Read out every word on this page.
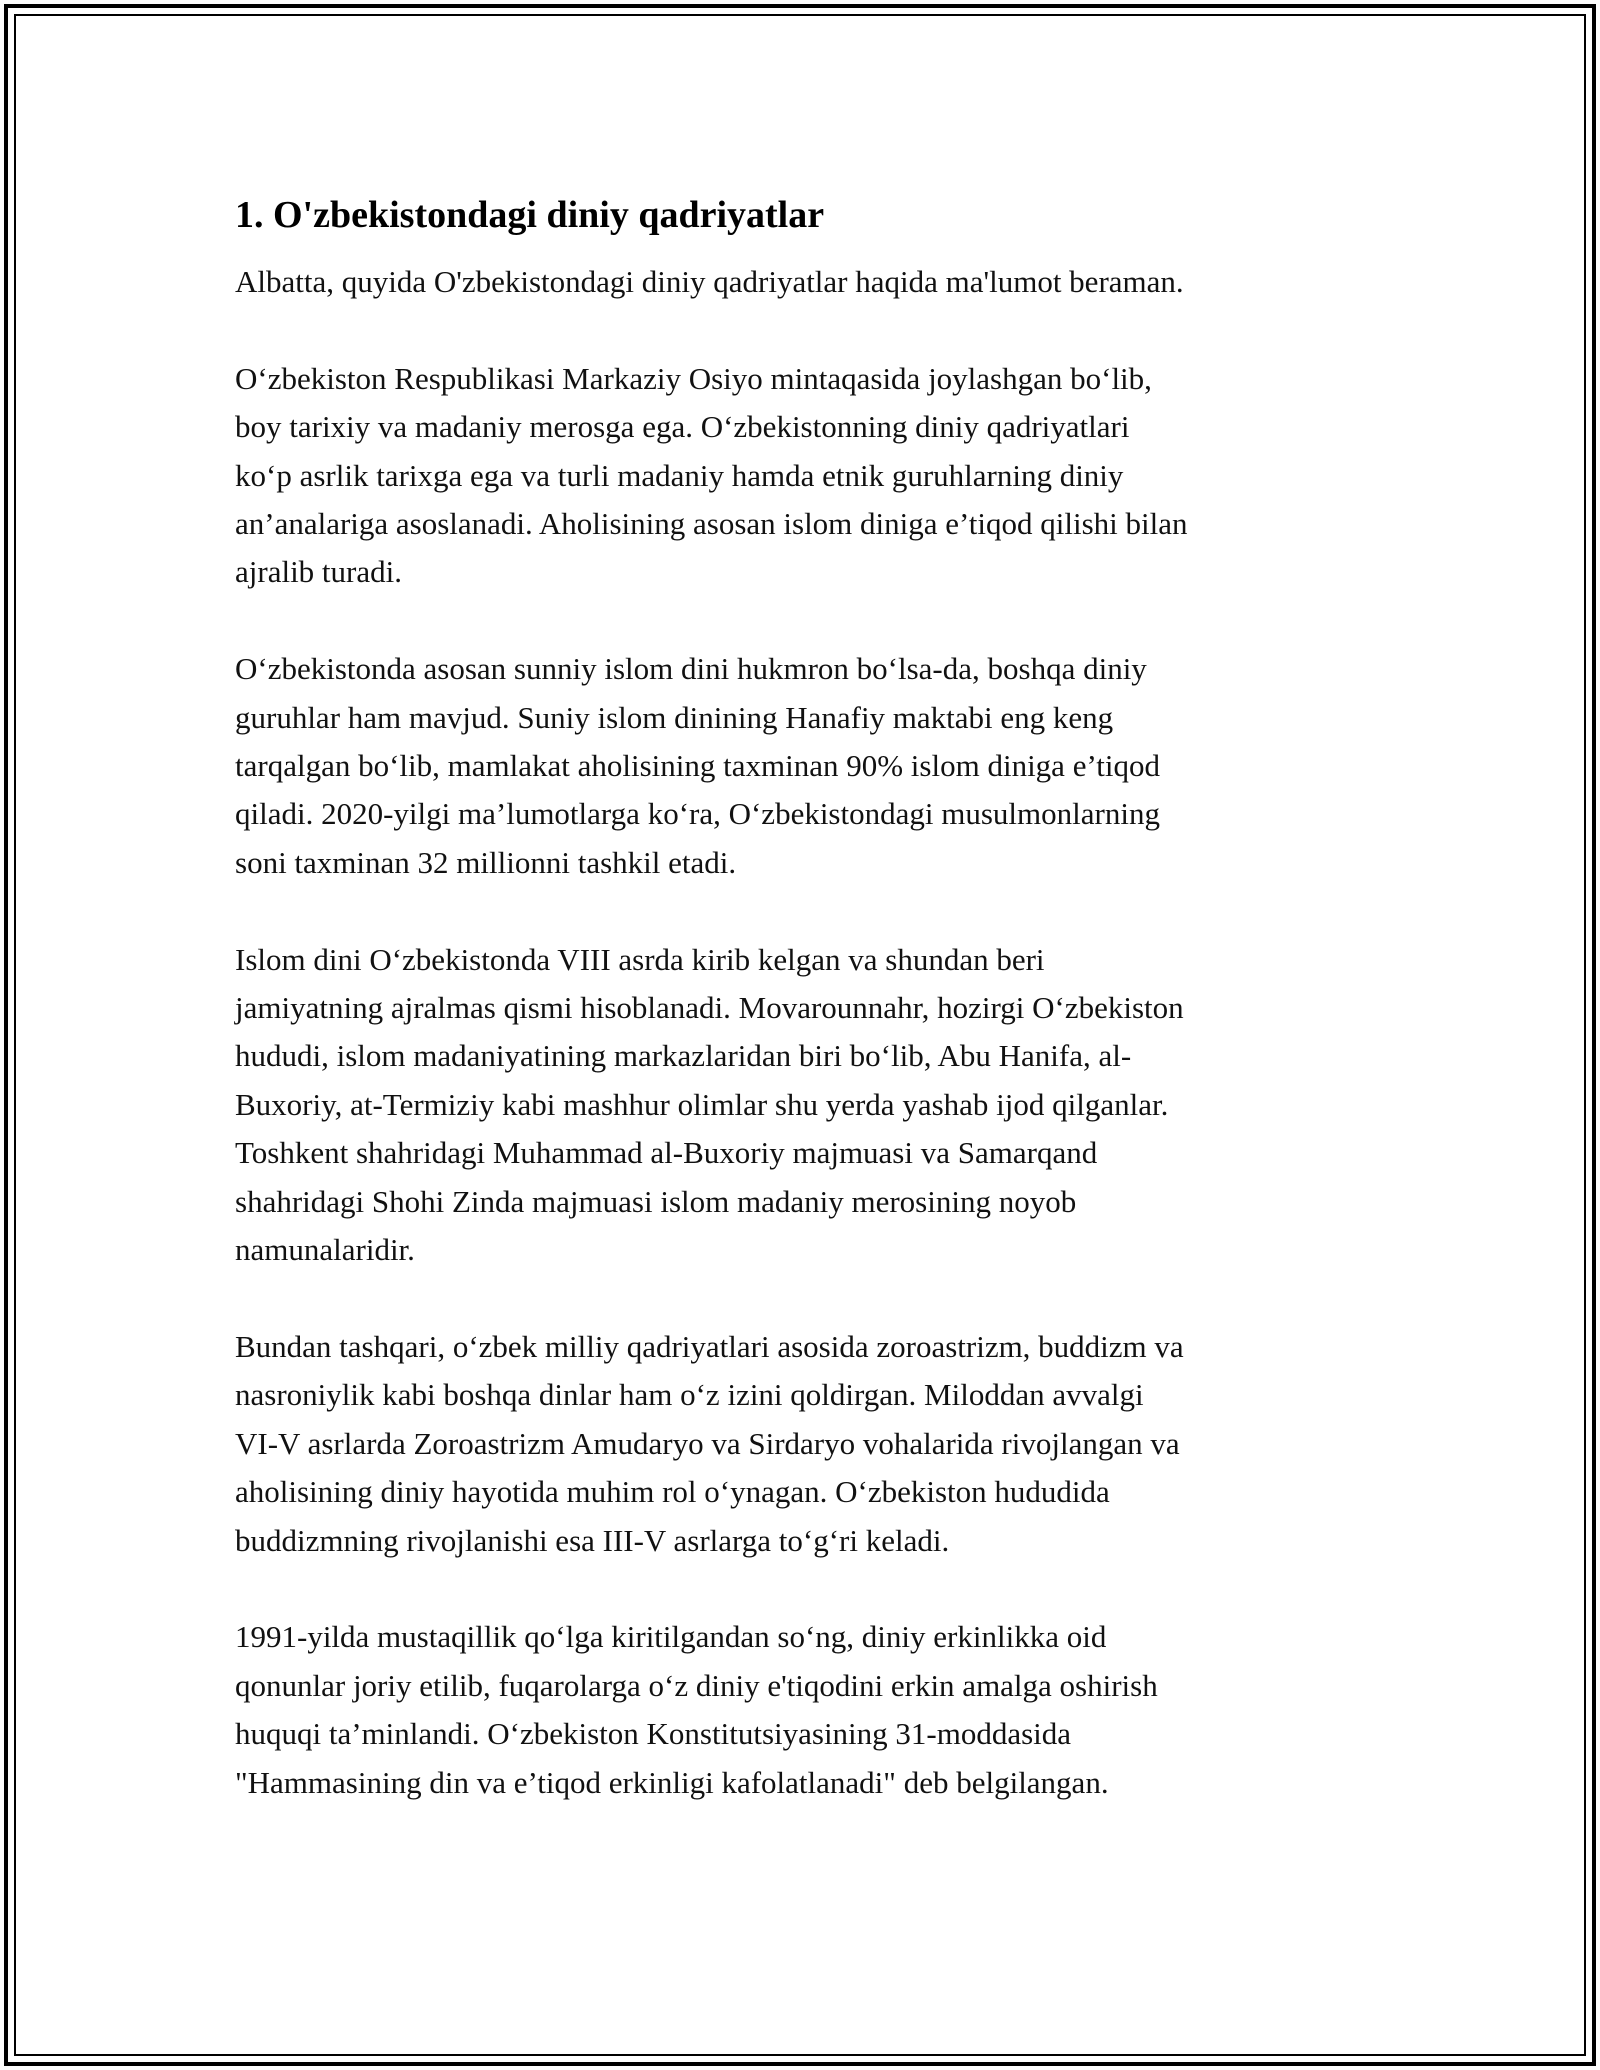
1. O'zbekistondagi diniy qadriyatlar

Albatta, quyida O'zbekistondagi diniy qadriyatlar haqida ma'lumot beraman.

O‘zbekiston Respublikasi Markaziy Osiyo mintaqasida joylashgan bo‘lib,
boy tarixiy va madaniy merosga ega. O‘zbekistonning diniy qadriyatlari
ko‘p asrlik tarixga ega va turli madaniy hamda etnik guruhlarning diniy
an’analariga asoslanadi. Aholisining asosan islom diniga e’tiqod qilishi bilan
ajralib turadi.

O‘zbekistonda asosan sunniy islom dini hukmron bo‘lsa-da, boshqa diniy
guruhlar ham mavjud. Suniy islom dinining Hanafiy maktabi eng keng
tarqalgan bo‘lib, mamlakat aholisining taxminan 90% islom diniga e’tiqod
qiladi. 2020-yilgi ma’lumotlarga ko‘ra, O‘zbekistondagi musulmonlarning
soni taxminan 32 millionni tashkil etadi.

Islom dini O‘zbekistonda VIII asrda kirib kelgan va shundan beri
jamiyatning ajralmas qismi hisoblanadi. Movarounnahr, hozirgi O‘zbekiston
hududi, islom madaniyatining markazlaridan biri bo‘lib, Abu Hanifa, al-
Buxoriy, at-Termiziy kabi mashhur olimlar shu yerda yashab ijod qilganlar.
Toshkent shahridagi Muhammad al-Buxoriy majmuasi va Samarqand
shahridagi Shohi Zinda majmuasi islom madaniy merosining noyob
namunalaridir.

Bundan tashqari, o‘zbek milliy qadriyatlari asosida zoroastrizm, buddizm va
nasroniylik kabi boshqa dinlar ham o‘z izini qoldirgan. Miloddan avvalgi
VI-V asrlarda Zoroastrizm Amudaryo va Sirdaryo vohalarida rivojlangan va
aholisining diniy hayotida muhim rol o‘ynagan. O‘zbekiston hududida
buddizmning rivojlanishi esa III-V asrlarga to‘g‘ri keladi.

1991-yilda mustaqillik qo‘lga kiritilgandan so‘ng, diniy erkinlikka oid
qonunlar joriy etilib, fuqarolarga o‘z diniy e'tiqodini erkin amalga oshirish
huquqi ta’minlandi. O‘zbekiston Konstitutsiyasining 31-moddasida
"Hammasining din va e’tiqod erkinligi kafolatlanadi" deb belgilangan.
